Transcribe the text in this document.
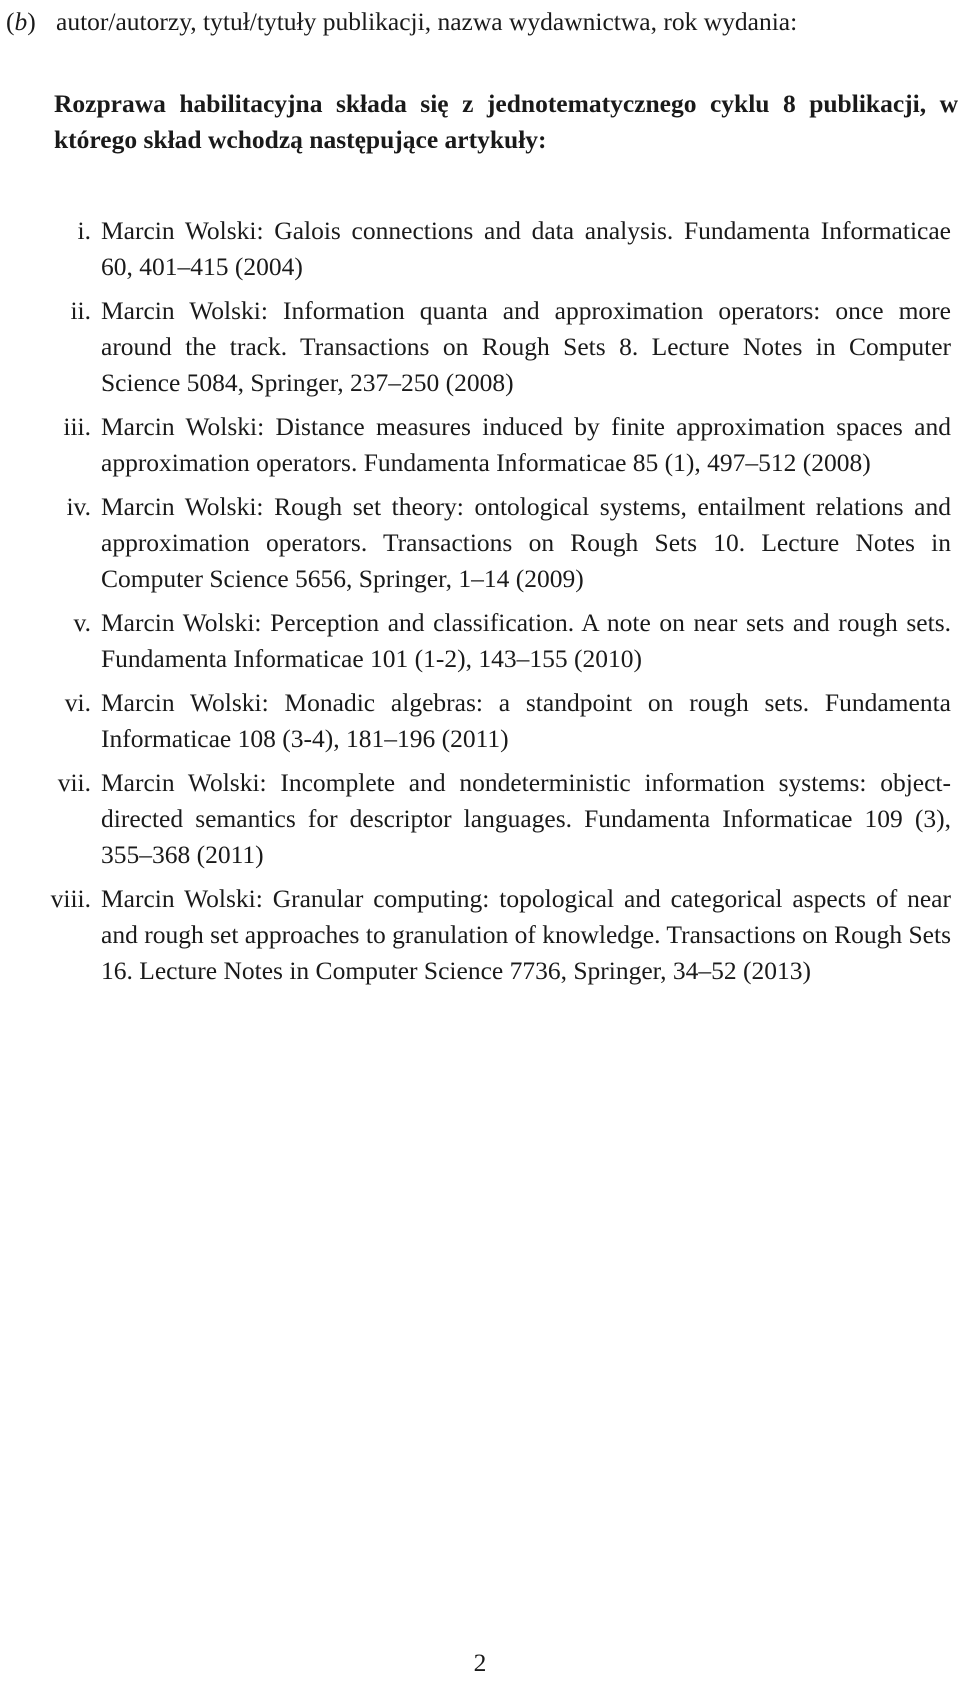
(b) autor/autorzy, tytuł/tytuły publikacji, nazwa wydawnictwa, rok wydania:
Rozprawa habilitacyjna składa się z jednotematycznego cyklu 8 publikacji, w którego skład wchodzą następujące artykuły:
i. Marcin Wolski: Galois connections and data analysis. Fundamenta Informaticae 60, 401–415 (2004)
ii. Marcin Wolski: Information quanta and approximation operators: once more around the track. Transactions on Rough Sets 8. Lecture Notes in Computer Science 5084, Springer, 237–250 (2008)
iii. Marcin Wolski: Distance measures induced by finite approximation spaces and approximation operators. Fundamenta Informaticae 85 (1), 497–512 (2008)
iv. Marcin Wolski: Rough set theory: ontological systems, entailment relations and approximation operators. Transactions on Rough Sets 10. Lecture Notes in Computer Science 5656, Springer, 1–14 (2009)
v. Marcin Wolski: Perception and classification. A note on near sets and rough sets. Fundamenta Informaticae 101 (1-2), 143–155 (2010)
vi. Marcin Wolski: Monadic algebras: a standpoint on rough sets. Fundamenta Informaticae 108 (3-4), 181–196 (2011)
vii. Marcin Wolski: Incomplete and nondeterministic information systems: object-directed semantics for descriptor languages. Fundamenta Informaticae 109 (3), 355–368 (2011)
viii. Marcin Wolski: Granular computing: topological and categorical aspects of near and rough set approaches to granulation of knowledge. Transactions on Rough Sets 16. Lecture Notes in Computer Science 7736, Springer, 34–52 (2013)
2
